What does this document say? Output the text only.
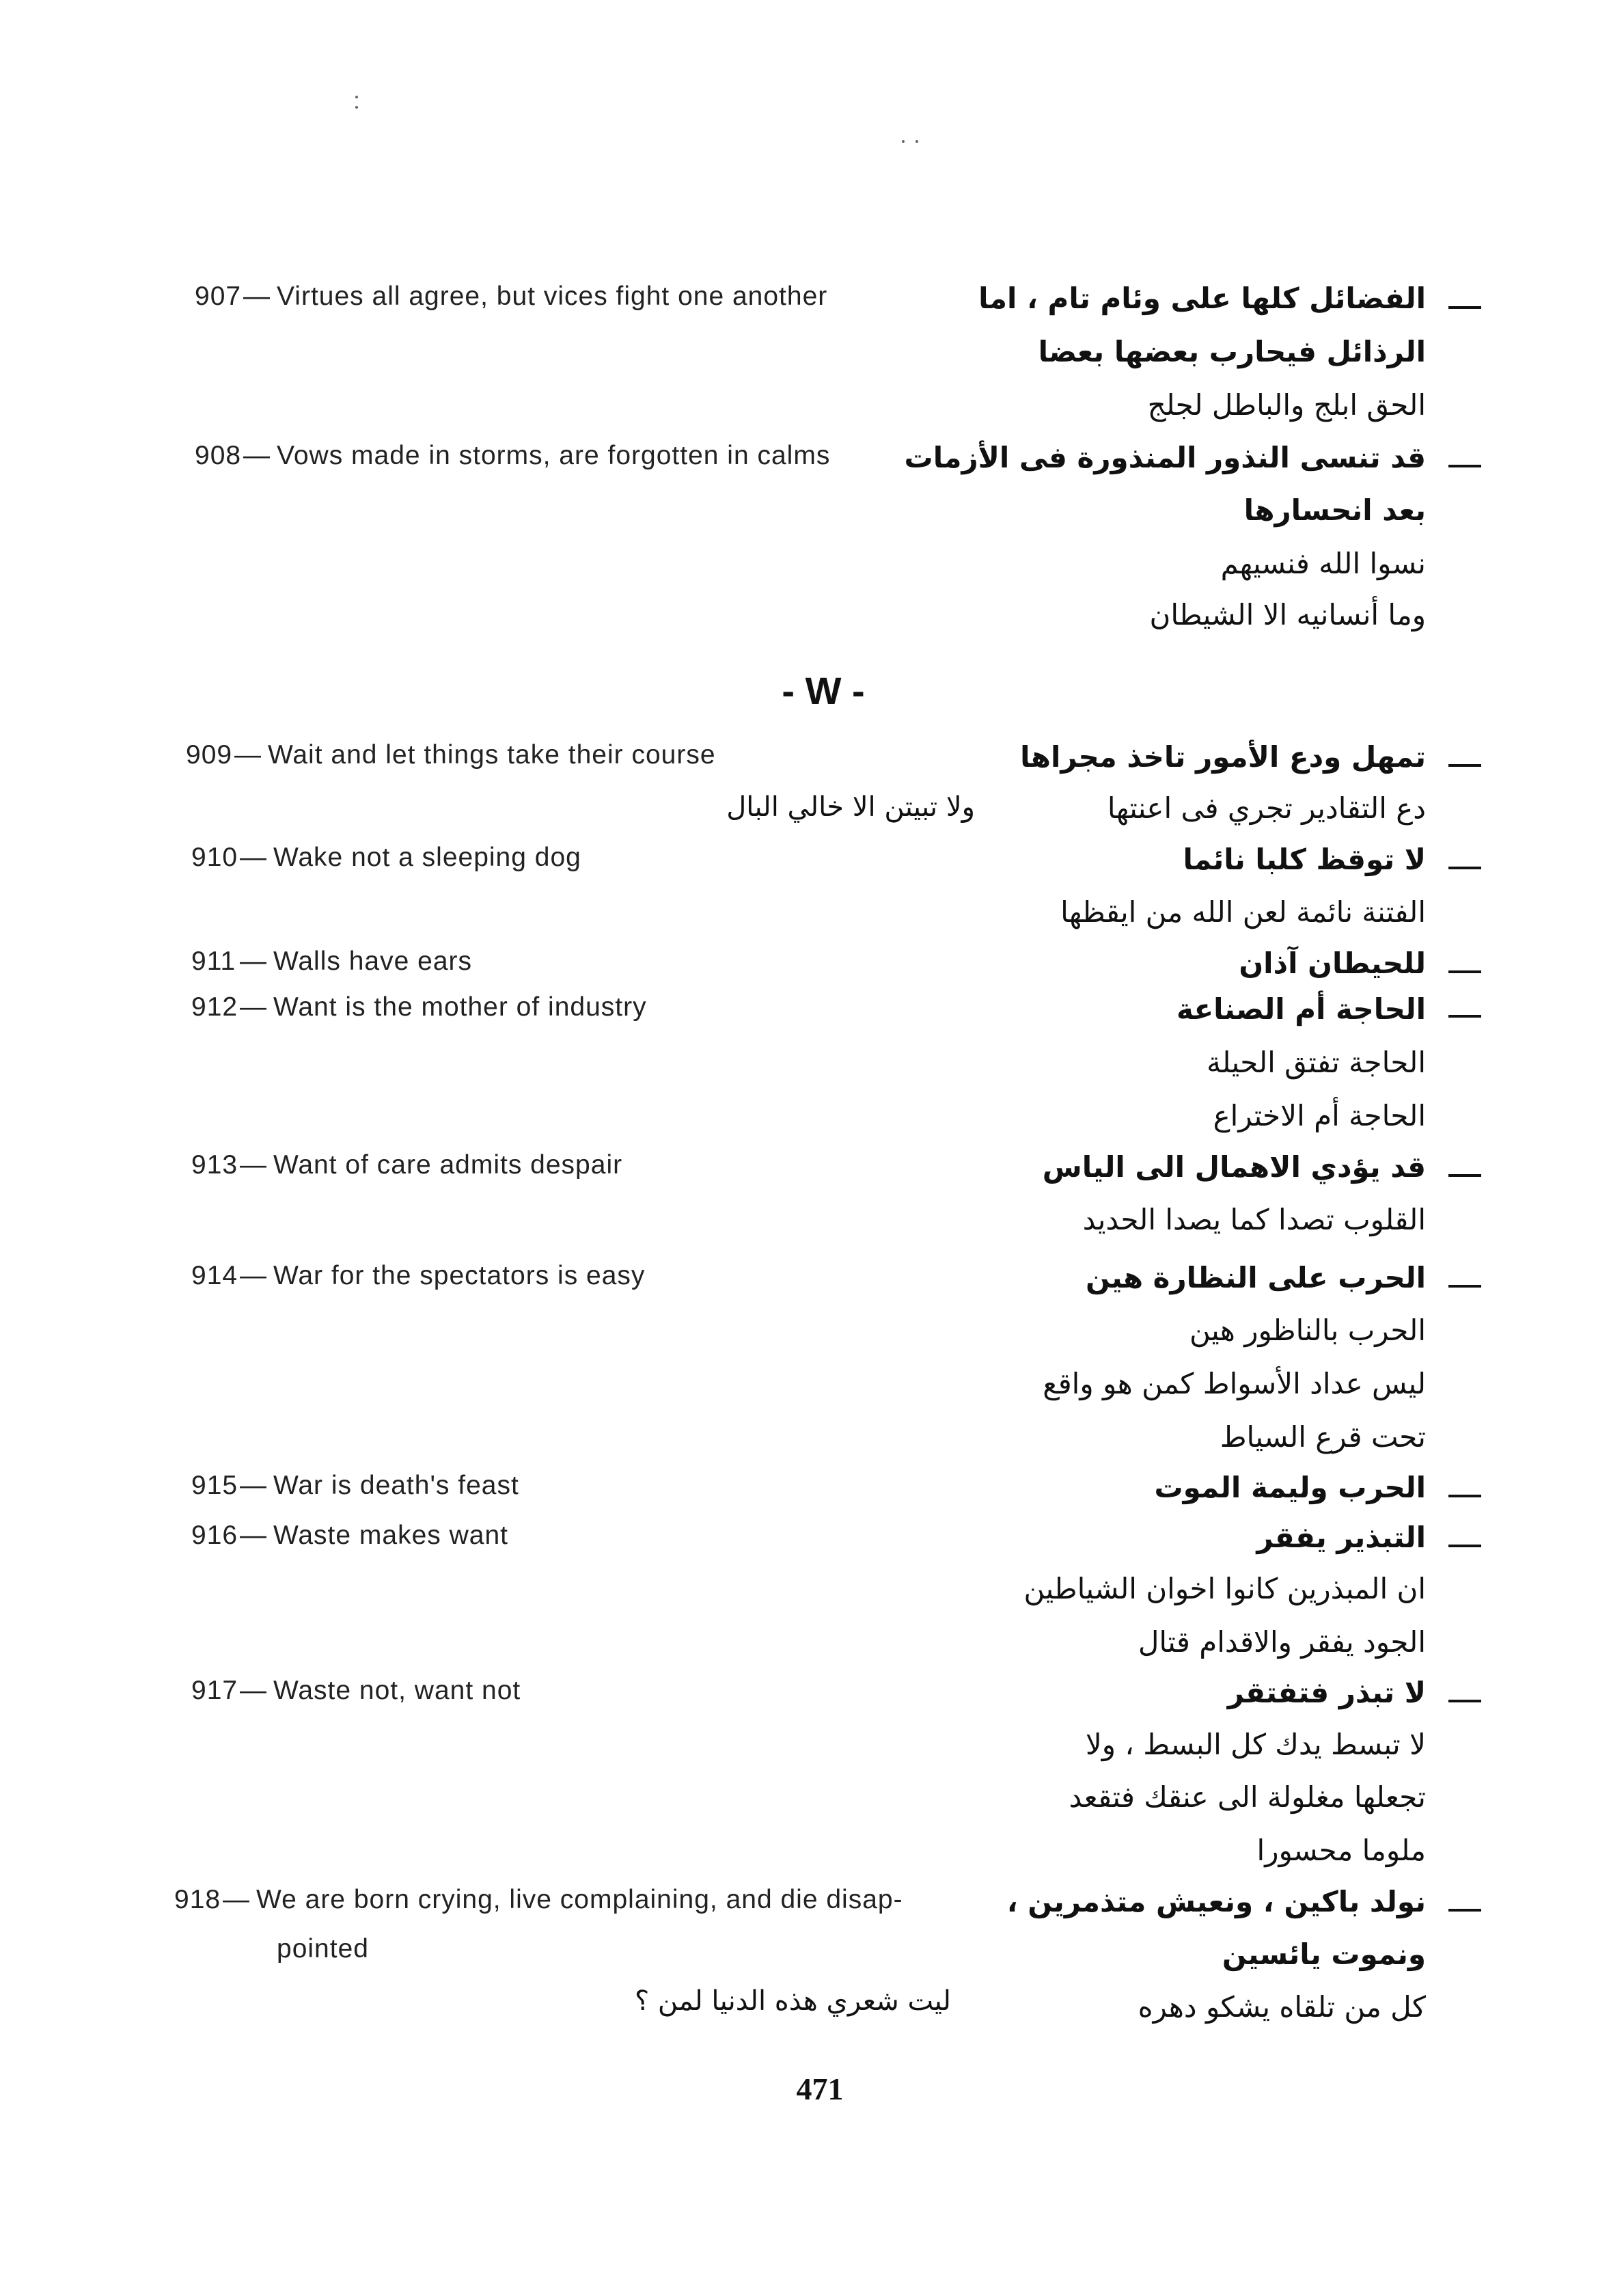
907— Virtues all agree, but vices fight one another	الفضائل كلها على وئام تام ، اما
الرذائل فيحارب بعضها بعضا
الحق ابلج والباطل لجلج
908— Vows made in storms, are forgotten in calms	قد تنسى النذور المنذورة فى الأزمات
بعد انحسارها
نسوا الله فنسيهم
وما أنسانيه الا الشيطان
- W -
909— Wait and let things take their course	تمهل ودع الأمور تاخذ مجراها
دع التقادير تجري فى اعنتها
ولا تبيتن الا خالي البال
910— Wake not a sleeping dog	لا توقظ كلبا نائما
الفتنة نائمة لعن الله من ايقظها
911 — Walls have ears	للحيطان آذان
912— Want is the mother of industry	الحاجة أم الصناعة
الحاجة تفتق الحيلة
الحاجة أم الاختراع
913— Want of care admits despair	قد يؤدي الاهمال الى الياس
القلوب تصدا كما يصدا الحديد
914— War for the spectators is easy	الحرب على النظارة هين
الحرب بالناظور هين
ليس عداد الأسواط كمن هو واقع
تحت قرع السياط
915— War is death's feast	الحرب وليمة الموت
916— Waste makes want	التبذير يفقر
ان المبذرين كانوا اخوان الشياطين
الجود يفقر والاقدام قتال
917— Waste not, want not	لا تبذر فتفتقر
لا تبسط يدك كل البسط ، ولا
تجعلها مغلولة الى عنقك فتقعد
ملوما محسورا
918— We are born crying, live complaining, and die disap-
pointed
نولد باكين ، ونعيش متذمرين ،
ونموت يائسين
كل من تلقاه يشكو دهره
ليت شعري هذه الدنيا لمن ؟
471
